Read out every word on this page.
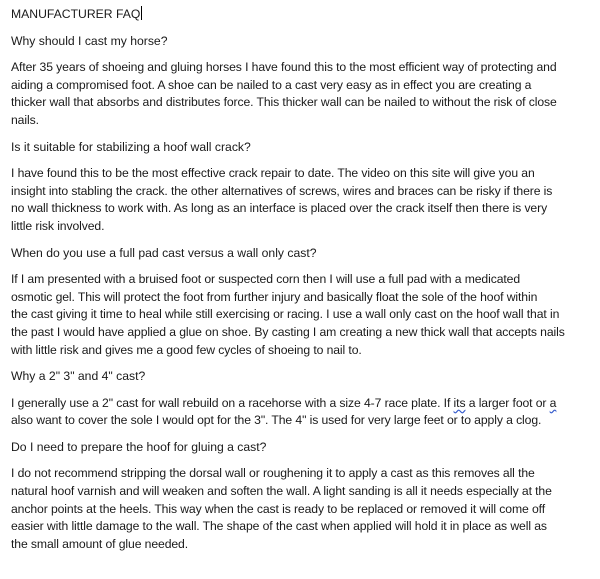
MANUFACTURER FAQ
Why should I cast my horse?
After 35 years of shoeing and gluing horses I have found this to the most efficient way of protecting and
aiding a compromised foot. A shoe can be nailed to a cast very easy as in effect you are creating a
thicker wall that absorbs and distributes force. This thicker wall can be nailed to without the risk of close
nails.
Is it suitable for stabilizing a hoof wall crack?
I have found this to be the most effective crack repair to date. The video on this site will give you an
insight into stabling the crack. the other alternatives of screws, wires and braces can be risky if there is
no wall thickness to work with. As long as an interface is placed over the crack itself then there is very
little risk involved.
When do you use a full pad cast versus a wall only cast?
If I am presented with a bruised foot or suspected corn then I will use a full pad with a medicated
osmotic gel. This will protect the foot from further injury and basically float the sole of the hoof within
the cast giving it time to heal while still exercising or racing. I use a wall only cast on the hoof wall that in
the past I would have applied a glue on shoe. By casting I am creating a new thick wall that accepts nails
with little risk and gives me a good few cycles of shoeing to nail to.
Why a 2" 3" and 4" cast?
I generally use a 2" cast for wall rebuild on a racehorse with a size 4-7 race plate. If its a larger foot or a
also want to cover the sole I would opt for the 3". The 4" is used for very large feet or to apply a clog.
Do I need to prepare the hoof for gluing a cast?
I do not recommend stripping the dorsal wall or roughening it to apply a cast as this removes all the
natural hoof varnish and will weaken and soften the wall. A light sanding is all it needs especially at the
anchor points at the heels. This way when the cast is ready to be replaced or removed it will come off
easier with little damage to the wall. The shape of the cast when applied will hold it in place as well as
the small amount of glue needed.
